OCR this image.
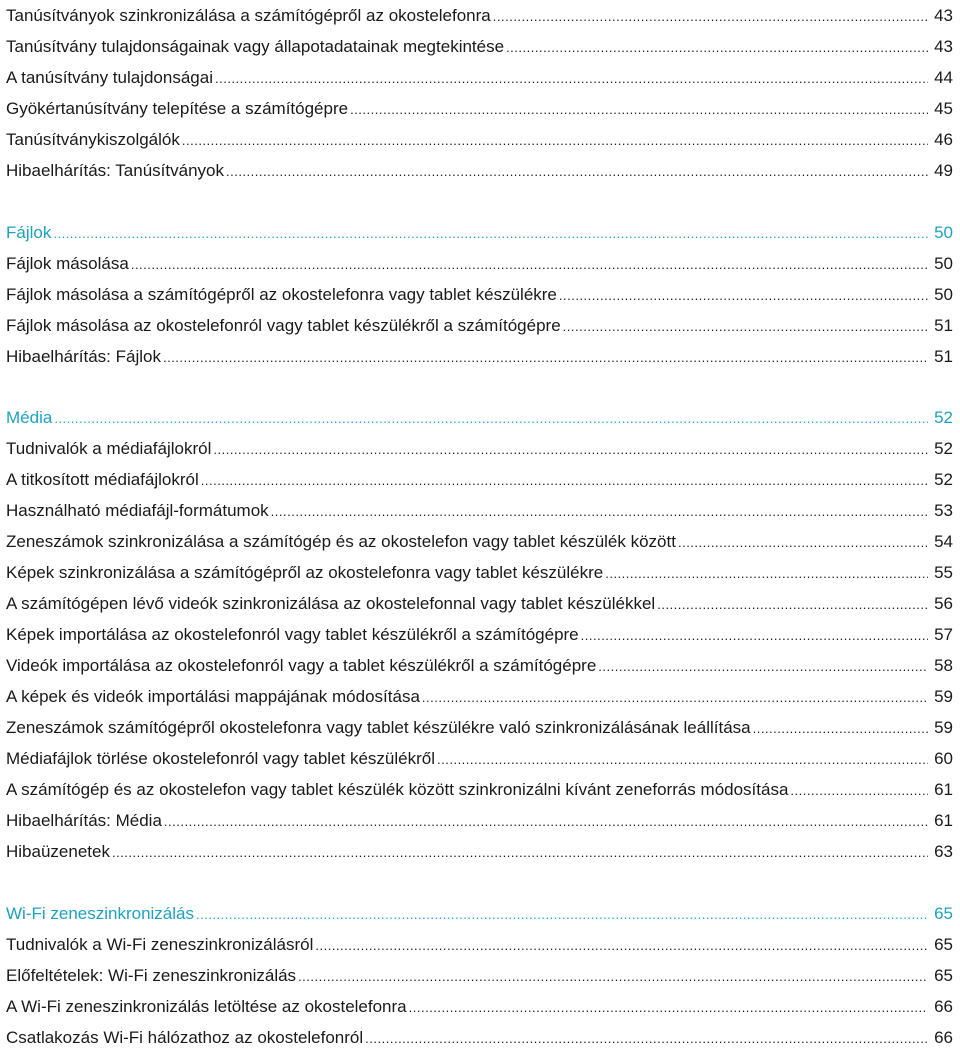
Tanúsítványok szinkronizálása a számítógépről az okostelefonra .....	43
Tanúsítvány tulajdonságainak vagy állapotadatainak megtekintése .....	43
A tanúsítvány tulajdonságai .....	44
Gyökértanúsítvány telepítése a számítógépre .....	45
Tanúsítványkiszolgálók .....	46
Hibaelhárítás: Tanúsítványok .....	49
Fájlok .....	50
Fájlok másolása .....	50
Fájlok másolása a számítógépről az okostelefonra vagy tablet készülékre .....	50
Fájlok másolása az okostelefonról vagy tablet készülékről a számítógépre .....	51
Hibaelhárítás: Fájlok .....	51
Média .....	52
Tudnivalók a médiafájlokról .....	52
A titkosított médiafájlokról .....	52
Használható médiafájl-formátumok .....	53
Zeneszámok szinkronizálása a számítógép és az okostelefon vagy tablet készülék között .....	54
Képek szinkronizálása a számítógépről az okostelefonra vagy tablet készülékre .....	55
A számítógépen lévő videók szinkronizálása az okostelefonnal vagy tablet készülékkel .....	56
Képek importálása az okostelefonról vagy tablet készülékről a számítógépre .....	57
Videók importálása az okostelefonról vagy a tablet készülékről a számítógépre .....	58
A képek és videók importálási mappájának módosítása .....	59
Zeneszámok számítógépről okostelefonra vagy tablet készülékre való szinkronizálásának leállítása .....	59
Médiafájlok törlése okostelefonról vagy tablet készülékről .....	60
A számítógép és az okostelefon vagy tablet készülék között szinkronizálni kívánt zeneforrás módosítása .....	61
Hibaelhárítás: Média .....	61
Hibaüzenetek .....	63
Wi-Fi zeneszinkronizálás .....	65
Tudnivalók a Wi-Fi zeneszinkronizálásról .....	65
Előfeltételek: Wi-Fi zeneszinkronizálás .....	65
A Wi-Fi zeneszinkronizálás letöltése az okostelefonra .....	66
Csatlakozás Wi-Fi hálózathoz az okostelefonról .....	66
